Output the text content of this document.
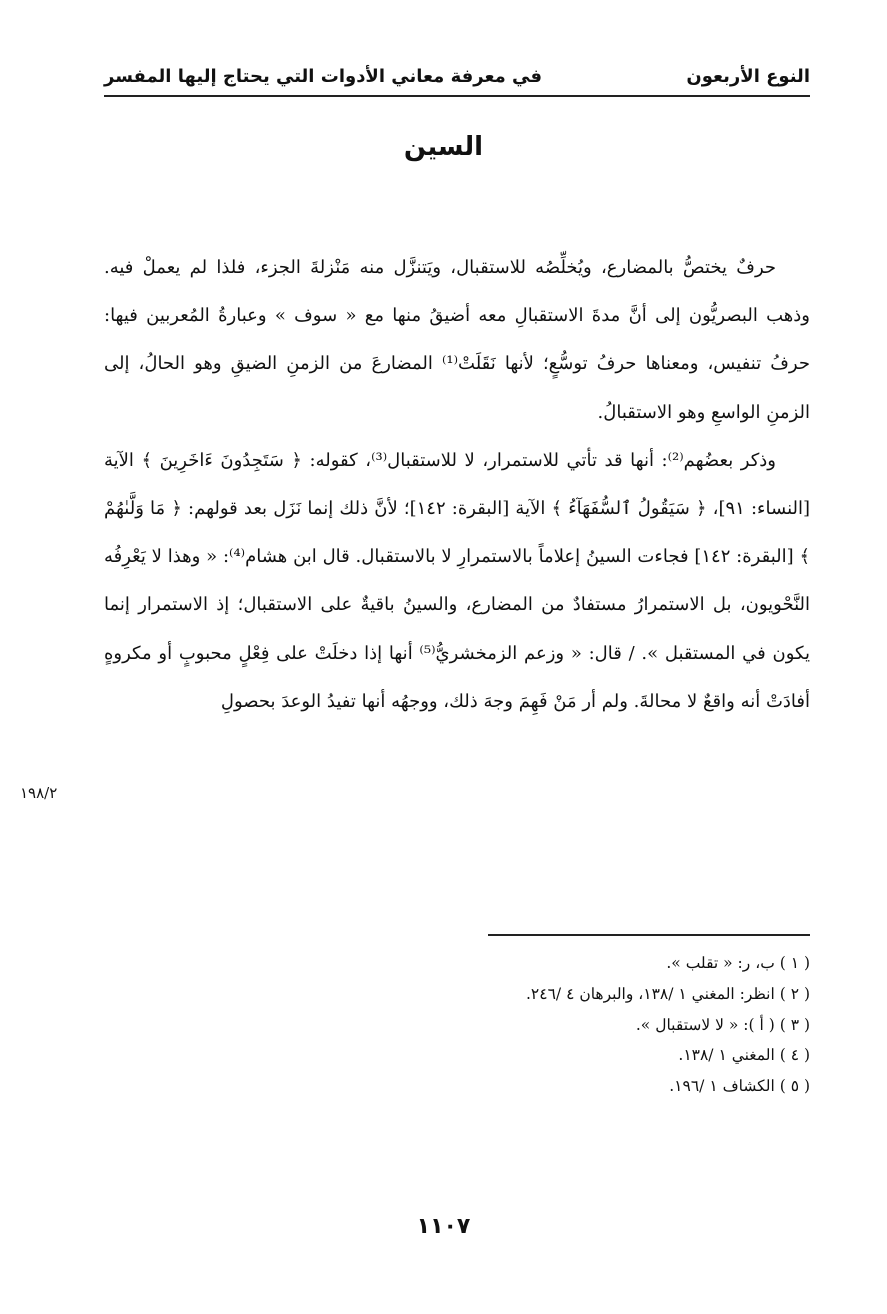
النوع الأربعون
في معرفة معاني الأدوات التي يحتاج إليها المفسر
السين

حرفٌ يختصُّ بالمضارع، ويُخلِّصُه للاستقبال، ويَتنزَّل منه مَنْزلةَ الجزء، فلذا لم يعملْ فيه. وذهب البصريُّون إلى أنَّ مدةَ الاستقبالِ معه أضيقُ منها مع « سوف » وعبارةُ المُعربين فيها: حرفُ تنفيس، ومعناها حرفُ توسُّعٍ؛ لأنها نَقَلَتْ⁽¹⁾ المضارعَ من الزمنِ الضيقِ وهو الحالُ، إلى الزمنِ الواسعِ وهو الاستقبالُ.

وذكر بعضُهم⁽²⁾: أنها قد تأتي للاستمرار، لا للاستقبال⁽³⁾، كقوله: ﴿ سَتَجِدُونَ ءَاخَرِينَ ﴾ الآية [النساء: ٩١]، ﴿ سَيَقُولُ ٱلسُّفَهَآءُ ﴾ الآية [البقرة: ١٤٢]؛ لأنَّ ذلك إنما نَزَل بعد قولهم: ﴿ مَا وَلَّىٰهُمْ ﴾ [البقرة: ١٤٢] فجاءت السينُ إعلاماً بالاستمرارِ لا بالاستقبال. قال ابن هشام⁽⁴⁾: « وهذا لا يَعْرِفُه النَّحْويون، بل الاستمرارُ مستفادٌ من المضارع، والسينُ باقيةٌ على الاستقبال؛ إذ الاستمرار إنما يكون في المستقبل ». / قال: « وزعم الزمخشريُّ⁽⁵⁾ أنها إذا دخلَتْ على فِعْلٍ محبوبٍ أو مكروهٍ أفادَتْ أنه واقعٌ لا محالةَ. ولم أر مَنْ فَهِمَ وجهَ ذلك، ووجهُه أنها تفيدُ الوعدَ بحصولِ

١٩٨/٢
( ١ ) ب، ر: « تقلب ».
( ٢ ) انظر: المغني ١ /١٣٨، والبرهان ٤ /٢٤٦.
( ٣ ) ( أ ): « لا لاستقبال ».
( ٤ ) المغني ١ /١٣٨.
( ٥ ) الكشاف ١ /١٩٦.
١١٠٧
